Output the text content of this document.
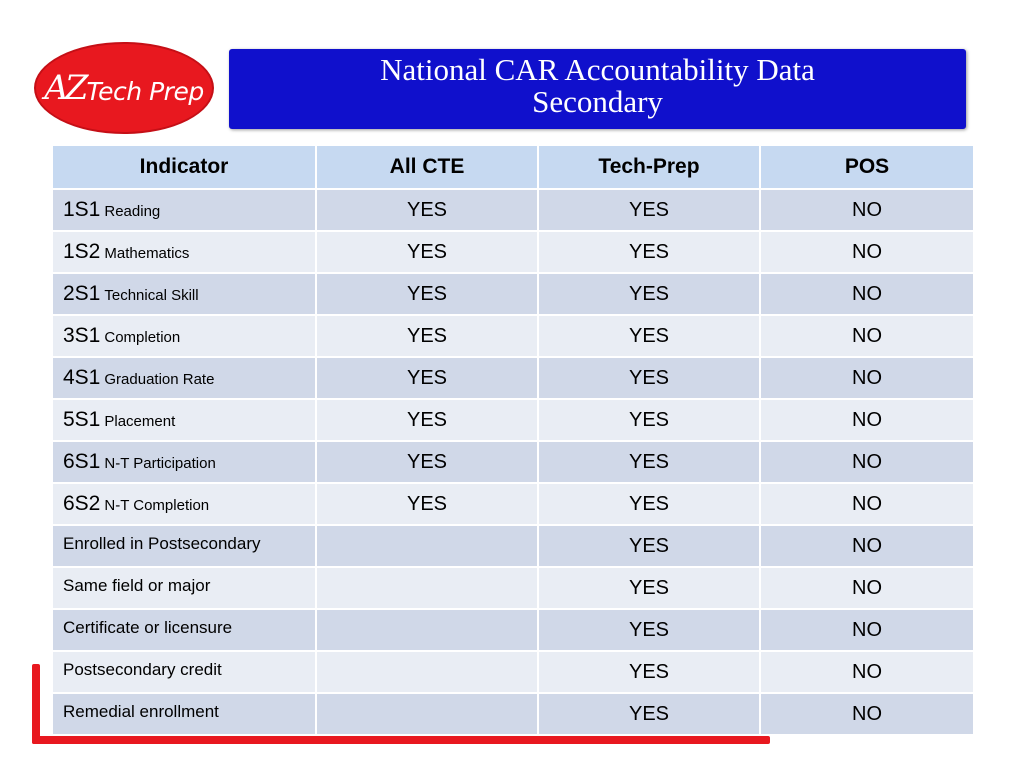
AZ Tech Prep
National CAR Accountability Data
Secondary
Indicator	All CTE	Tech-Prep	POS
1S1 Reading	YES	YES	NO
1S2 Mathematics	YES	YES	NO
2S1 Technical Skill	YES	YES	NO
3S1 Completion	YES	YES	NO
4S1 Graduation Rate	YES	YES	NO
5S1 Placement	YES	YES	NO
6S1 N-T Participation	YES	YES	NO
6S2 N-T Completion	YES	YES	NO
Enrolled in Postsecondary		YES	NO
Same field or major		YES	NO
Certificate or licensure		YES	NO
Postsecondary credit		YES	NO
Remedial enrollment		YES	NO
